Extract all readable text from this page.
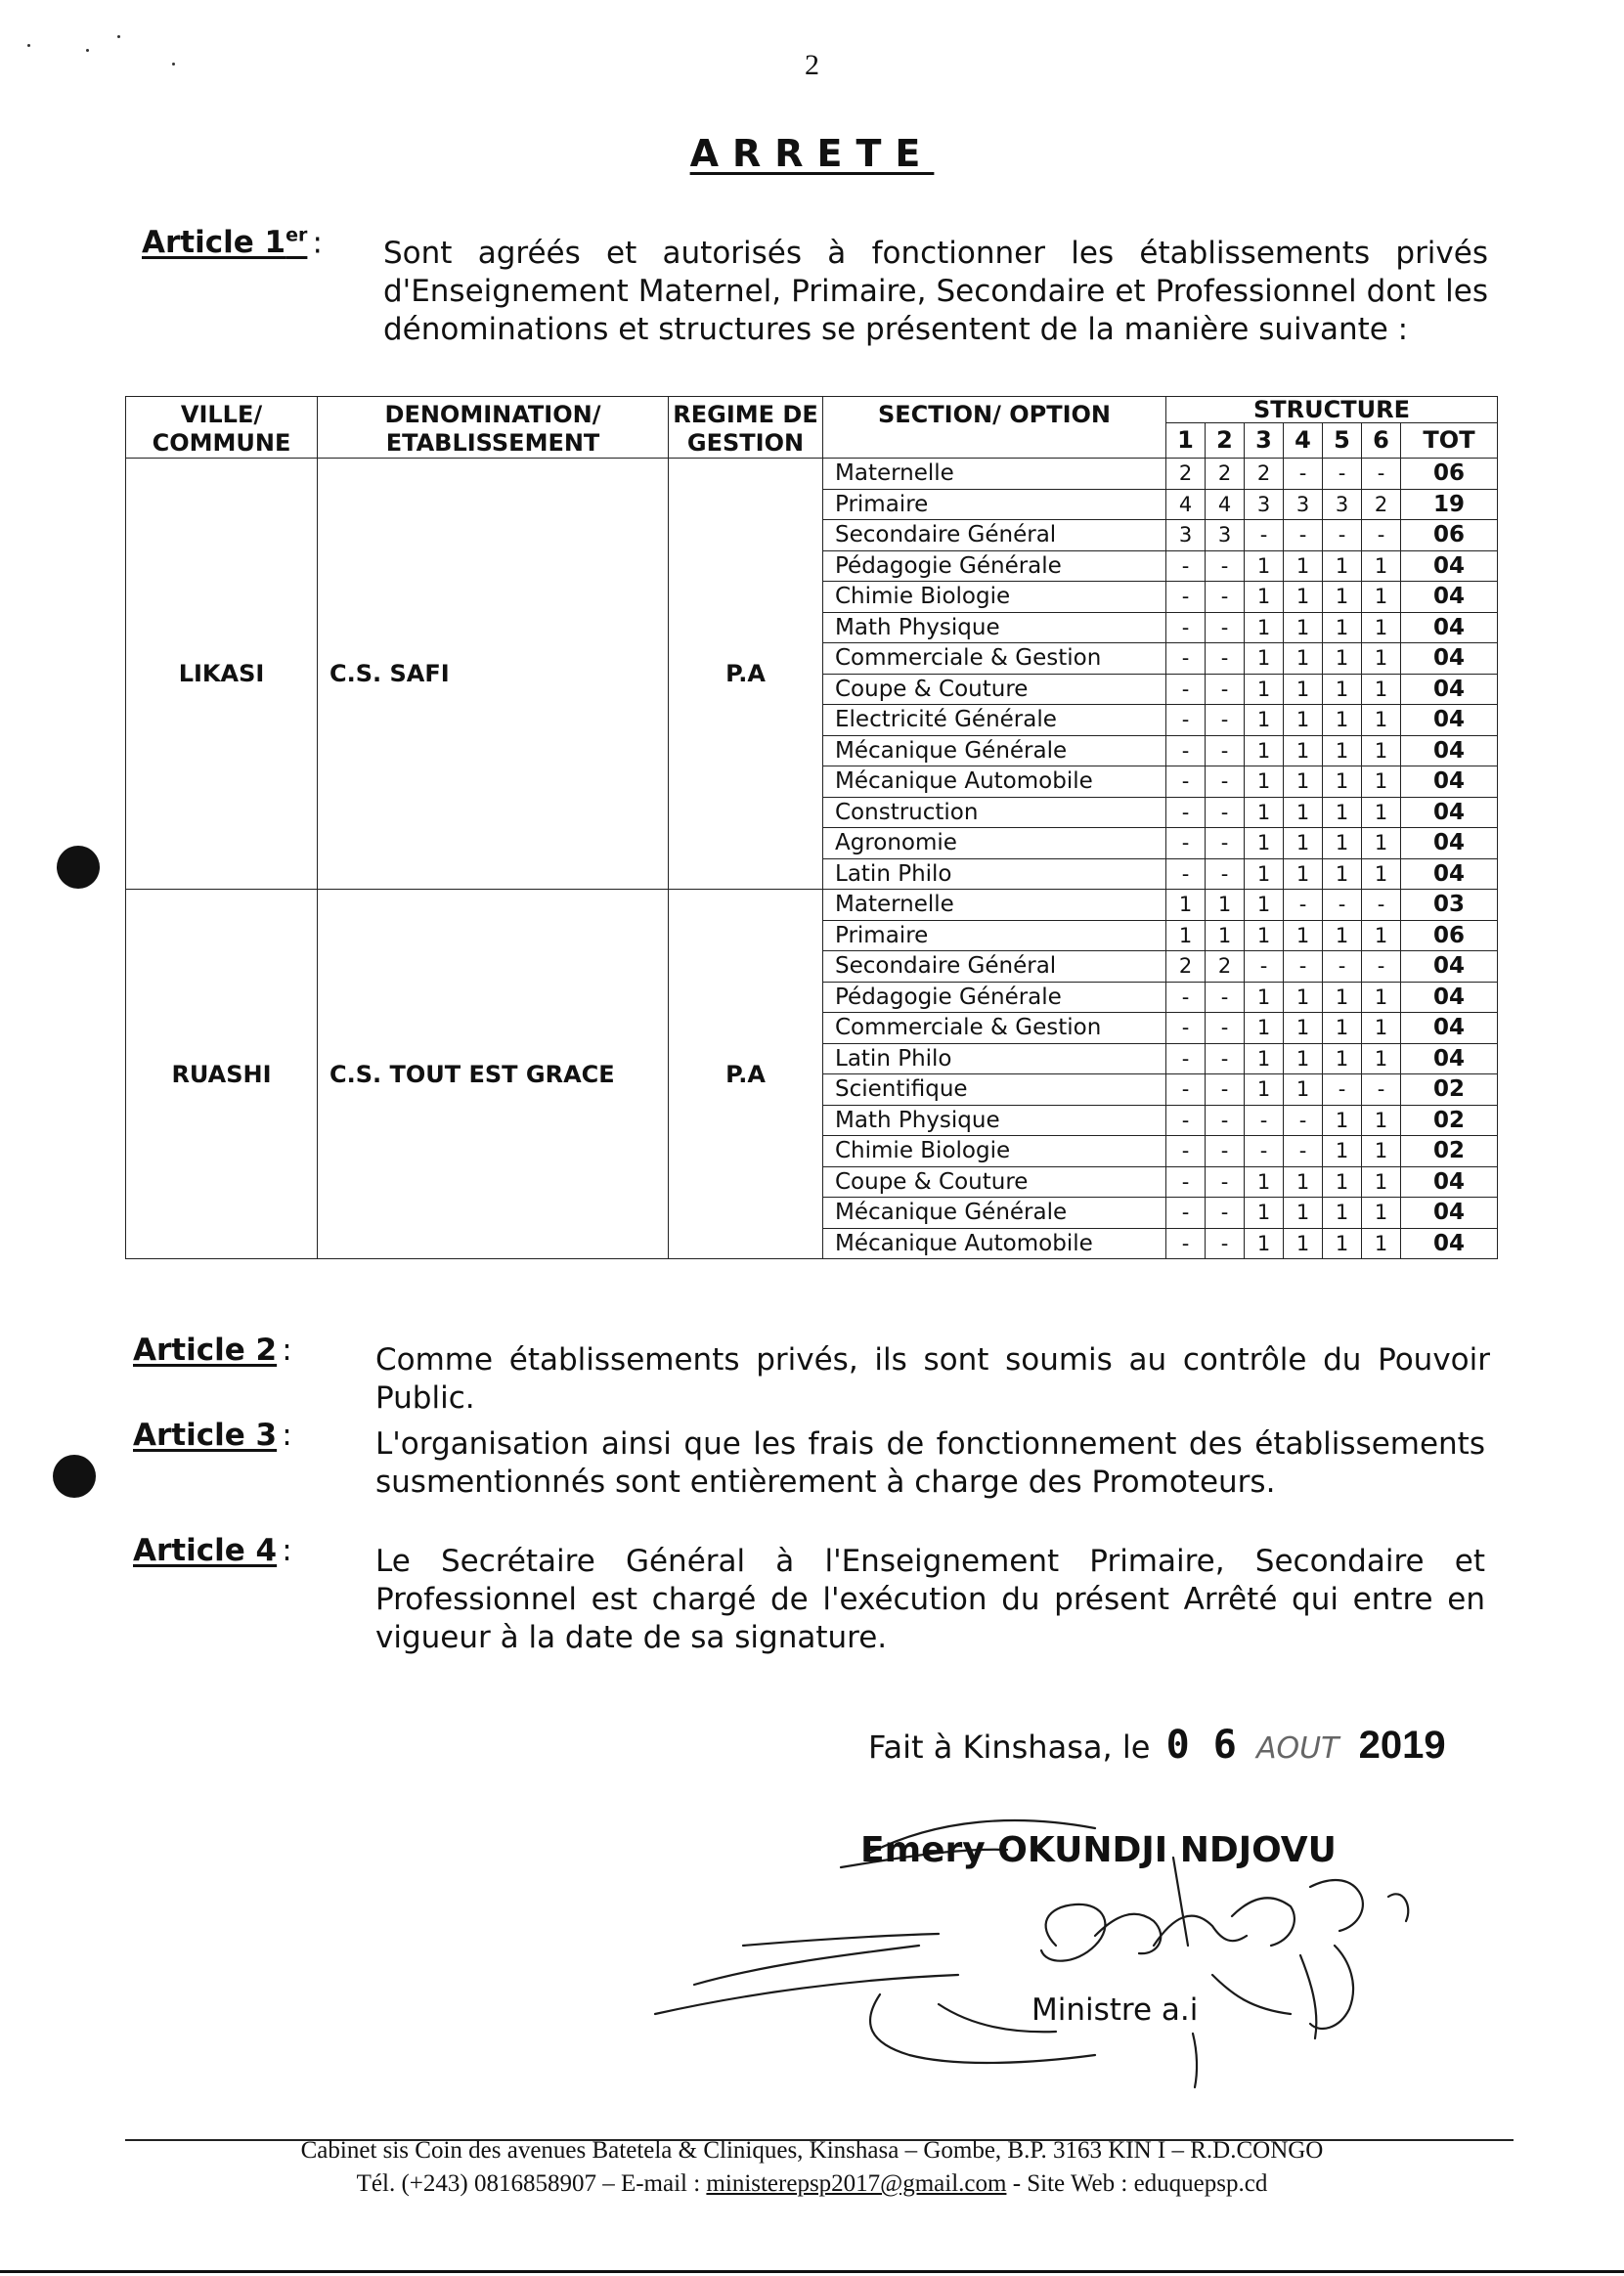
2
ARRETE
Article 1er : Sont agréés et autorisés à fonctionner les établissements privés d'Enseignement Maternel, Primaire, Secondaire et Professionnel dont les dénominations et structures se présentent de la manière suivante :
VILLE/ COMMUNE	DENOMINATION/ ETABLISSEMENT	REGIME DE GESTION	SECTION/ OPTION	STRUCTURE						
				1	2	3	4	5	6	TOT
LIKASI	C.S. SAFI	P.A	Maternelle	2	2	2	-	-	-	06
			Primaire	4	4	3	3	3	2	19
			Secondaire Général	3	3	-	-	-	-	06
			Pédagogie Générale	-	-	1	1	1	1	04
			Chimie Biologie	-	-	1	1	1	1	04
			Math Physique	-	-	1	1	1	1	04
			Commerciale & Gestion	-	-	1	1	1	1	04
			Coupe & Couture	-	-	1	1	1	1	04
			Electricité Générale	-	-	1	1	1	1	04
			Mécanique Générale	-	-	1	1	1	1	04
			Mécanique Automobile	-	-	1	1	1	1	04
			Construction	-	-	1	1	1	1	04
			Agronomie	-	-	1	1	1	1	04
			Latin Philo	-	-	1	1	1	1	04
RUASHI	C.S. TOUT EST GRACE	P.A	Maternelle	1	1	1	-	-	-	03
			Primaire	1	1	1	1	1	1	06
			Secondaire Général	2	2	-	-	-	-	04
			Pédagogie Générale	-	-	1	1	1	1	04
			Commerciale & Gestion	-	-	1	1	1	1	04
			Latin Philo	-	-	1	1	1	1	04
			Scientifique	-	-	1	1	-	-	02
			Math Physique	-	-	-	-	1	1	02
			Chimie Biologie	-	-	-	-	1	1	02
			Coupe & Couture	-	-	1	1	1	1	04
			Mécanique Générale	-	-	1	1	1	1	04
			Mécanique Automobile	-	-	1	1	1	1	04
Article 2 :	Comme établissements privés, ils sont soumis au contrôle du Pouvoir Public.
Article 3 :	L'organisation ainsi que les frais de fonctionnement des établissements susmentionnés sont entièrement à charge des Promoteurs.
Article 4 :	Le Secrétaire Général à l'Enseignement Primaire, Secondaire et Professionnel est chargé de l'exécution du présent Arrêté qui entre en vigueur à la date de sa signature.
Fait à Kinshasa, le 0 6 AOUT 2019
Emery OKUNDJI NDJOVU
Ministre a.i
Cabinet sis Coin des avenues Batetela & Cliniques, Kinshasa – Gombe, B.P. 3163 KIN I – R.D.CONGO
Tél. (+243) 0816858907 – E-mail : ministerepsp2017@gmail.com - Site Web : eduquepsp.cd
